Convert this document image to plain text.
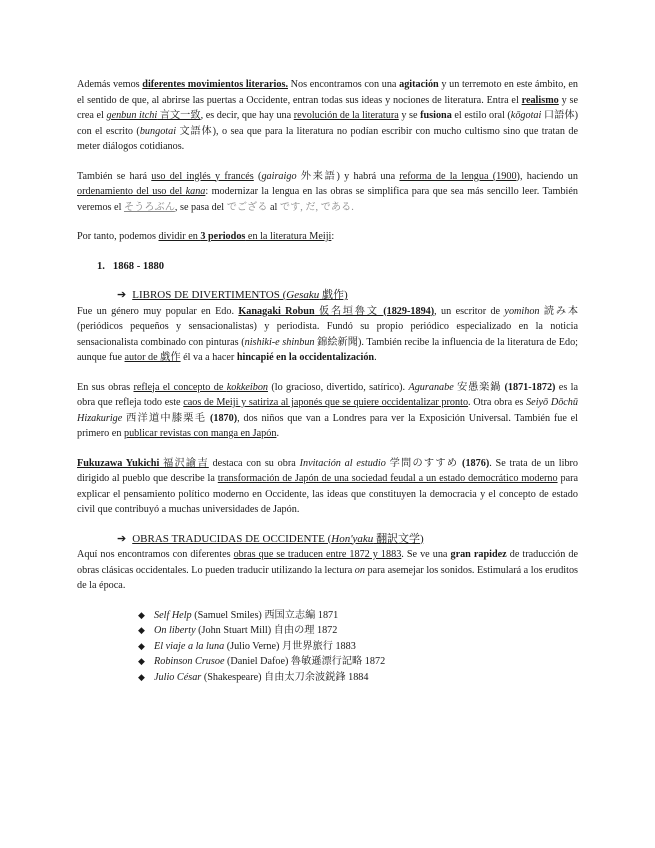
Además vemos diferentes movimientos literarios. Nos encontramos con una agitación y un terremoto en este ámbito, en el sentido de que, al abrirse las puertas a Occidente, entran todas sus ideas y nociones de literatura. Entra el realismo y se crea el genbun itchi 言文一致, es decir, que hay una revolución de la literatura y se fusiona el estilo oral (kōgotai 口語体) con el escrito (bungotai 文語体), o sea que para la literatura no podían escribir con mucho cultismo sino que tratan de meter diálogos cotidianos.

También se hará uso del inglés y francés (gairaigo 外来語) y habrá una reforma de la lengua (1900), haciendo un ordenamiento del uso del kana: modernizar la lengua en las obras se simplifica para que sea más sencillo leer. También veremos el そうろぶん, se pasa del でござる al です, だ, である.

Por tanto, podemos dividir en 3 periodos en la literatura Meiji:

1. 1868 - 1880
➔ LIBROS DE DIVERTIMENTOS (Gesaku 戯作)

Fue un género muy popular en Edo. Kanagaki Robun 仮名垣魯文 (1829-1894), un escritor de yomihon 読み本 (periódicos pequeños y sensacionalistas) y periodista. Fundó su propio periódico especializado en la noticia sensacionalista combinado con pinturas (nishiki-e shinbun 錦絵新聞). También recibe la influencia de la literatura de Edo; aunque fue autor de 戯作 él va a hacer hincapié en la occidentalización.

En sus obras refleja el concepto de kokkeibon (lo gracioso, divertido, satírico). Aguranabe 安愚楽鍋 (1871-1872) es la obra que refleja todo este caos de Meiji y satiriza al japonés que se quiere occidentalizar pronto. Otra obra es Seiyō Dōchū Hizakurige 西洋道中膝栗毛 (1870), dos niños que van a Londres para ver la Exposición Universal. También fue el primero en publicar revistas con manga en Japón.

Fukuzawa Yukichi 福沢諭吉 destaca con su obra Invitación al estudio 学問のすすめ (1876). Se trata de un libro dirigido al pueblo que describe la transformación de Japón de una sociedad feudal a un estado democrático moderno para explicar el pensamiento político moderno en Occidente, las ideas que constituyen la democracia y el concepto de estado civil que contribuyó a muchas universidades de Japón.

➔ OBRAS TRADUCIDAS DE OCCIDENTE (Hon'yaku 翻訳文学)

Aquí nos encontramos con diferentes obras que se traducen entre 1872 y 1883. Se ve una gran rapidez de traducción de obras clásicas occidentales. Lo pueden traducir utilizando la lectura on para asemejar los sonidos. Estimulará a los eruditos de la época.

◆ Self Help (Samuel Smiles) 西国立志編 1871
◆ On liberty (John Stuart Mill) 自由の理 1872
◆ El viaje a la luna (Julio Verne) 月世界旅行 1883
◆ Robinson Crusoe (Daniel Dafoe) 魯敏遜漂行記略 1872
◆ Julio César (Shakespeare) 自由太刀余波鋭鋒 1884
